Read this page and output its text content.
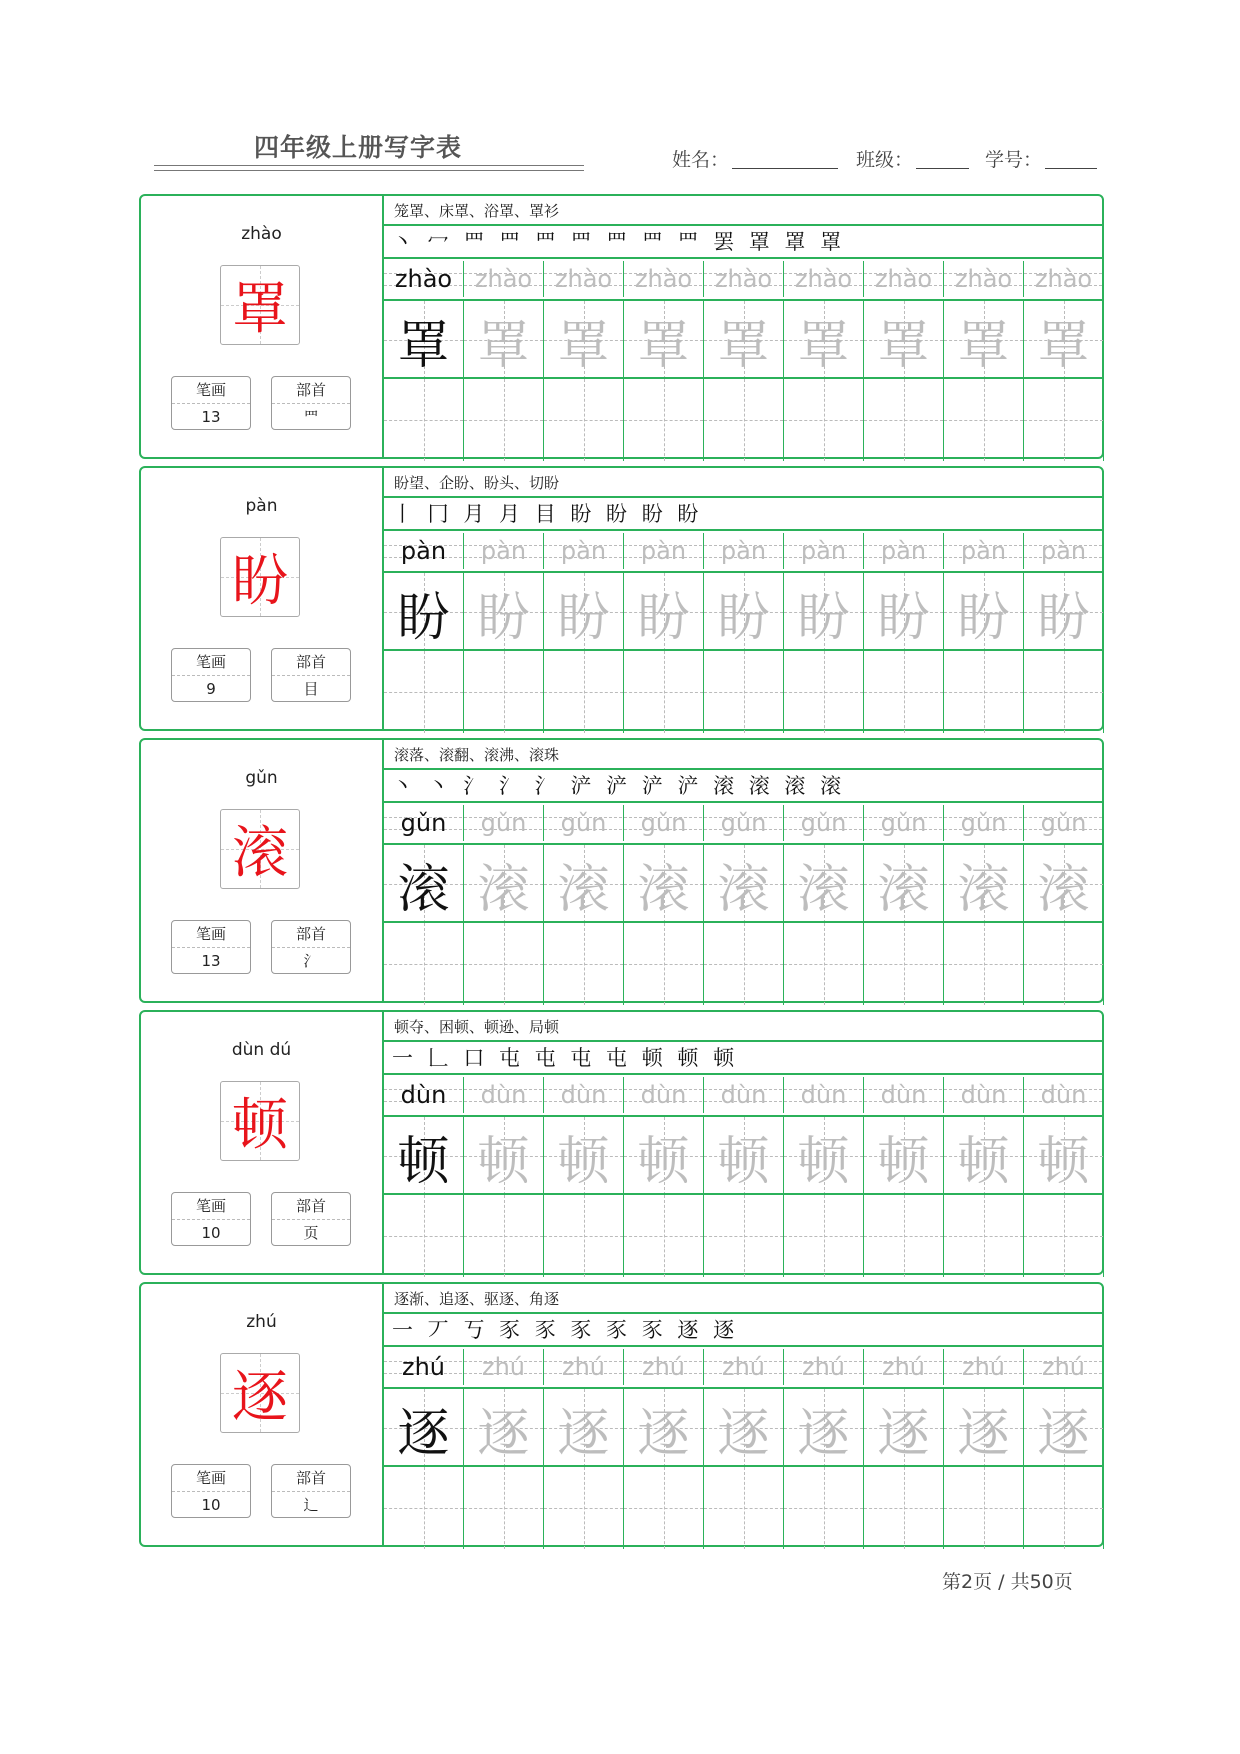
四年级上册写字表	姓名：	班级：	学号：
zhào
罩
笔画
13
部首
罒
笼罩、床罩、浴罩、罩衫
丶 冖 罒 罒 罒 罒 罒 罒 罒 罢 罩 罩 罩
zhào zhào zhào zhào zhào zhào zhào zhào zhào
罩 罩 罩 罩 罩 罩 罩 罩 罩
pàn
盼
笔画
9
部首
目
盼望、企盼、盼头、切盼
丨 冂 月 月 目 盼 盼 盼 盼
pàn	pàn	pàn	pàn	pàn	pàn	pàn	pàn	pàn
盼 盼 盼 盼 盼 盼 盼 盼 盼
gǔn
滚
笔画
13
部首
氵
滚落、滚翻、滚沸、滚珠
丶 丶 氵 氵 氵 浐 浐 浐 浐 滚 滚 滚 滚
gǔn	gǔn	gǔn	gǔn	gǔn	gǔn	gǔn	gǔn	gǔn
滚 滚 滚 滚 滚 滚 滚 滚 滚
dùn dú
顿
笔画
10
部首
页
顿夺、困顿、顿逊、局顿
一 𠃊 口 屯 屯 屯 屯 顿 顿 顿
dùn	dùn	dùn	dùn	dùn	dùn	dùn	dùn	dùn
顿 顿 顿 顿 顿 顿 顿 顿 顿
zhú
逐
笔画
10
部首
辶
逐渐、追逐、驱逐、角逐
一 丆 丂 豕 豕 豕 豕 豕 逐 逐
zhú	zhú	zhú	zhú	zhú	zhú	zhú	zhú	zhú
逐 逐 逐 逐 逐 逐 逐 逐 逐
第2页 / 共50页
